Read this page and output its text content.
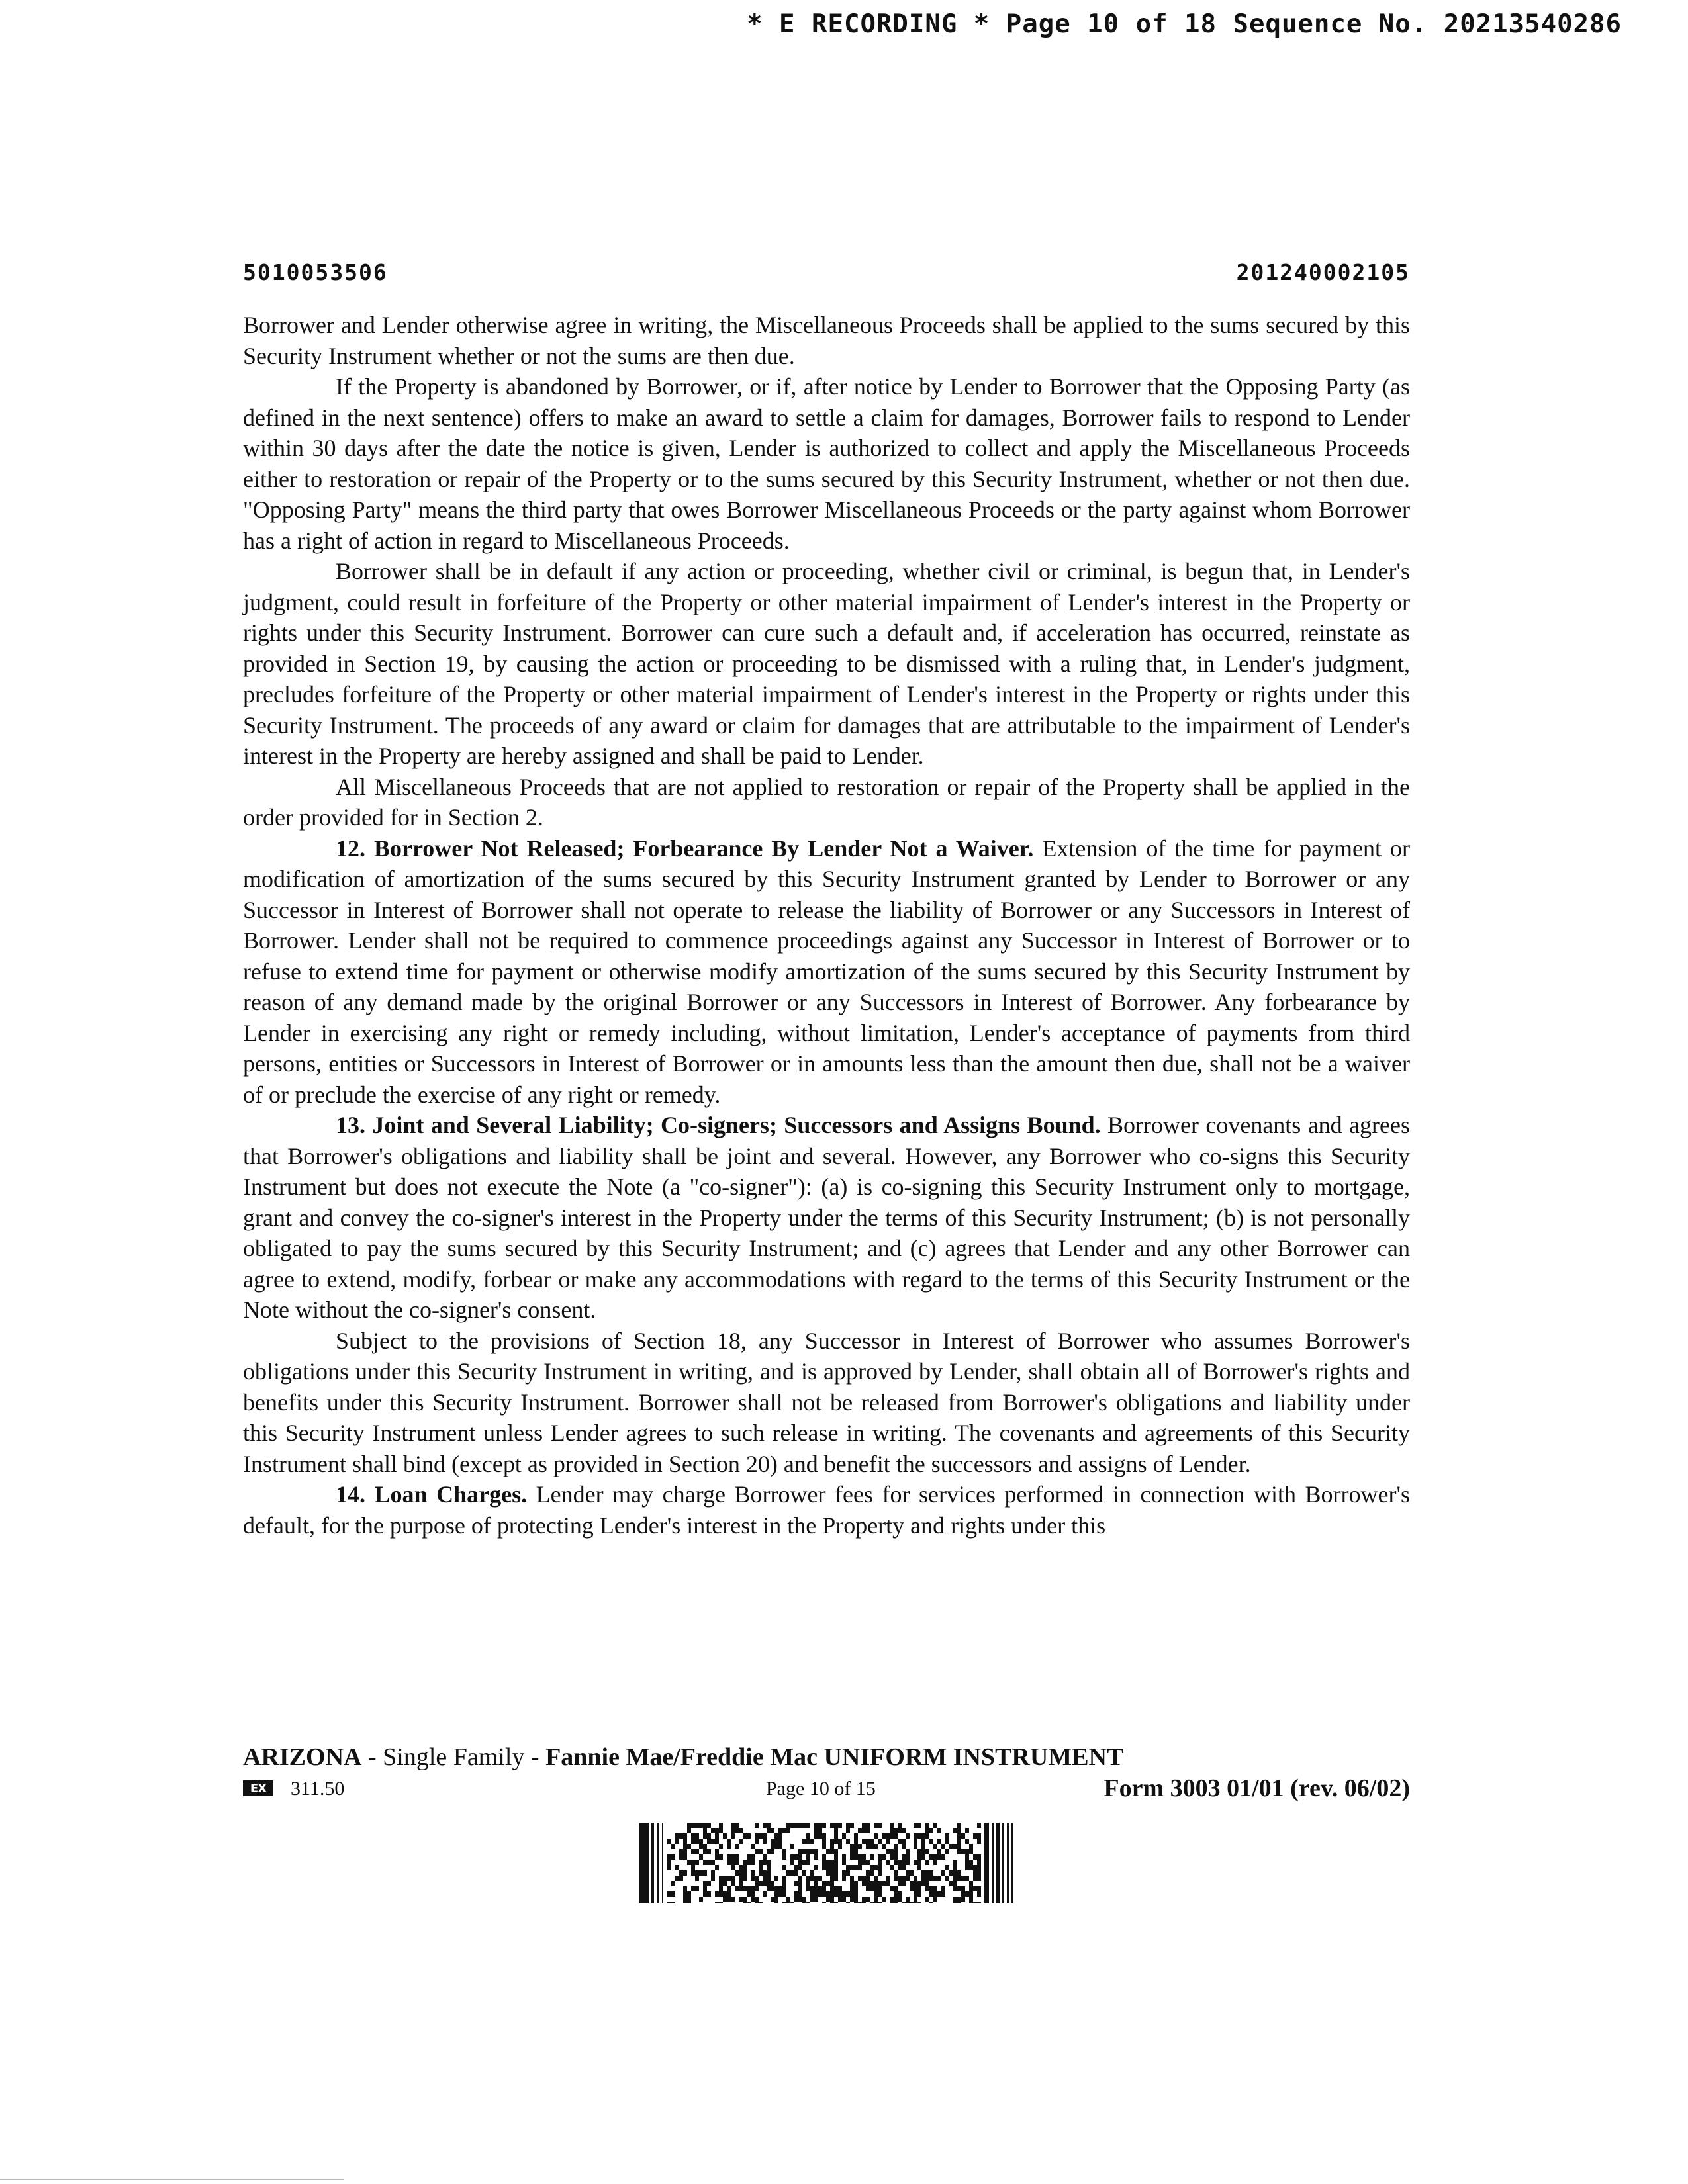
* E RECORDING * Page 10 of 18 Sequence No. 20213540286
5010053506	201240002105

Borrower and Lender otherwise agree in writing, the Miscellaneous Proceeds shall be applied to the sums secured by this Security Instrument whether or not the sums are then due.

If the Property is abandoned by Borrower, or if, after notice by Lender to Borrower that the Opposing Party (as defined in the next sentence) offers to make an award to settle a claim for damages, Borrower fails to respond to Lender within 30 days after the date the notice is given, Lender is authorized to collect and apply the Miscellaneous Proceeds either to restoration or repair of the Property or to the sums secured by this Security Instrument, whether or not then due. "Opposing Party" means the third party that owes Borrower Miscellaneous Proceeds or the party against whom Borrower has a right of action in regard to Miscellaneous Proceeds.

Borrower shall be in default if any action or proceeding, whether civil or criminal, is begun that, in Lender's judgment, could result in forfeiture of the Property or other material impairment of Lender's interest in the Property or rights under this Security Instrument. Borrower can cure such a default and, if acceleration has occurred, reinstate as provided in Section 19, by causing the action or proceeding to be dismissed with a ruling that, in Lender's judgment, precludes forfeiture of the Property or other material impairment of Lender's interest in the Property or rights under this Security Instrument. The proceeds of any award or claim for damages that are attributable to the impairment of Lender's interest in the Property are hereby assigned and shall be paid to Lender.

All Miscellaneous Proceeds that are not applied to restoration or repair of the Property shall be applied in the order provided for in Section 2.

12. Borrower Not Released; Forbearance By Lender Not a Waiver. Extension of the time for payment or modification of amortization of the sums secured by this Security Instrument granted by Lender to Borrower or any Successor in Interest of Borrower shall not operate to release the liability of Borrower or any Successors in Interest of Borrower. Lender shall not be required to commence proceedings against any Successor in Interest of Borrower or to refuse to extend time for payment or otherwise modify amortization of the sums secured by this Security Instrument by reason of any demand made by the original Borrower or any Successors in Interest of Borrower. Any forbearance by Lender in exercising any right or remedy including, without limitation, Lender's acceptance of payments from third persons, entities or Successors in Interest of Borrower or in amounts less than the amount then due, shall not be a waiver of or preclude the exercise of any right or remedy.

13. Joint and Several Liability; Co-signers; Successors and Assigns Bound. Borrower covenants and agrees that Borrower's obligations and liability shall be joint and several. However, any Borrower who co-signs this Security Instrument but does not execute the Note (a "co-signer"): (a) is co-signing this Security Instrument only to mortgage, grant and convey the co-signer's interest in the Property under the terms of this Security Instrument; (b) is not personally obligated to pay the sums secured by this Security Instrument; and (c) agrees that Lender and any other Borrower can agree to extend, modify, forbear or make any accommodations with regard to the terms of this Security Instrument or the Note without the co-signer's consent.

Subject to the provisions of Section 18, any Successor in Interest of Borrower who assumes Borrower's obligations under this Security Instrument in writing, and is approved by Lender, shall obtain all of Borrower's rights and benefits under this Security Instrument. Borrower shall not be released from Borrower's obligations and liability under this Security Instrument unless Lender agrees to such release in writing. The covenants and agreements of this Security Instrument shall bind (except as provided in Section 20) and benefit the successors and assigns of Lender.

14. Loan Charges. Lender may charge Borrower fees for services performed in connection with Borrower's default, for the purpose of protecting Lender's interest in the Property and rights under this

ARIZONA - Single Family - Fannie Mae/Freddie Mac UNIFORM INSTRUMENT
EX	311.50	Page 10 of 15	Form 3003 01/01 (rev. 06/02)
